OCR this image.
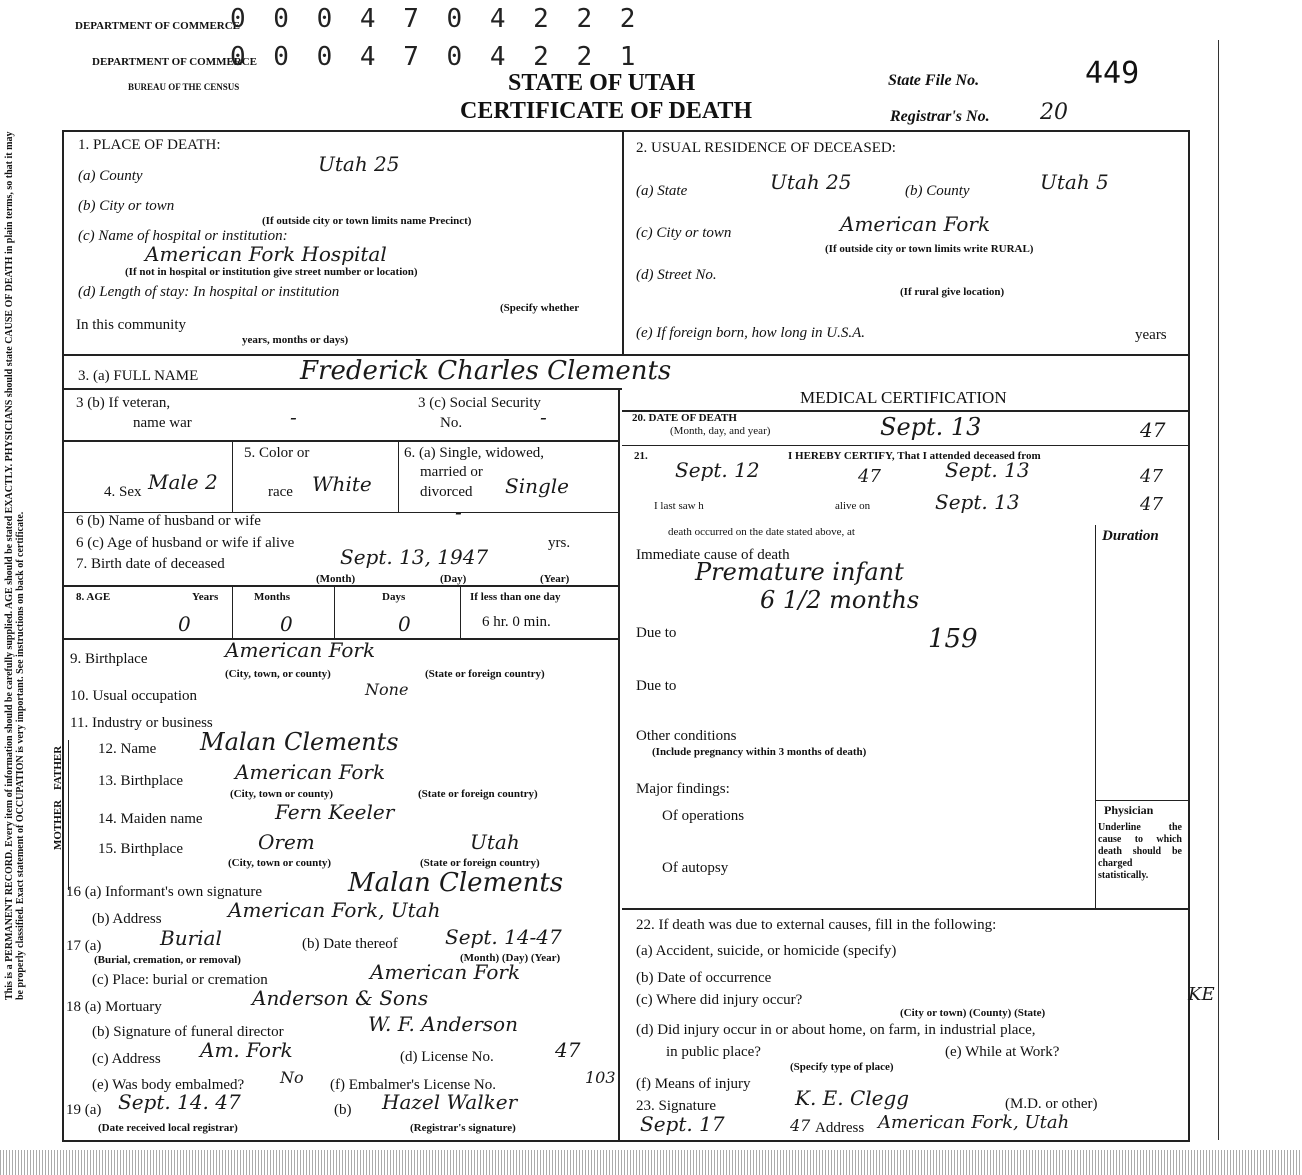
DEPARTMENT OF COMMERCE
0 0 0 4 7 0 4 2 2 2
DEPARTMENT OF COMMERCE
0 0 0 4 7 0 4 2 2 1
BUREAU OF THE CENSUS	STATE OF UTAH
CERTIFICATE OF DEATH
State File No.	449
Registrar's No. 20
This is a PERMANENT RECORD. Every item of information should be carefully supplied. AGE should be stated EXACTLY. PHYSICIANS should state CAUSE OF DEATH in plain terms, so that it may be properly classified. Exact statement of OCCUPATION is very important. See instructions on back of certificate. MOTHER
FATHER
1. PLACE OF DEATH:
(a) County	Utah 25
(b) City or town
(If outside city or town limits name Precinct)
(c) Name of hospital or institution:
American Fork Hospital
(If not in hospital or institution give street number or location)
(d) Length of stay: In hospital or institution
(Specify whether
In this community
years, months or days)
2. USUAL RESIDENCE OF DECEASED:
(a) State	Utah 25	(b) County	Utah 5
(c) City or town	American Fork
(If outside city or town limits write RURAL)
(d) Street No.
(If rural give location)
(e) If foreign born, how long in U.S.A.	years
3. (a) FULL NAME	Frederick Charles Clements
3 (b) If veteran,
name war	-
3 (c) Social Security
No.	-
4. Sex Male 2
5. Color or
race White
6. (a) Single, widowed,
married or
divorced Single
6 (b) Name of husband or wife	-
6 (c) Age of husband or wife if alive	yrs.
7. Birth date of deceased	Sept. 13, 1947
(Month)	(Day)	(Year)
8. AGE	Years	Months	Days	If less than one day
0	0	0	6 hr. 0 min.
9. Birthplace	American Fork
(City, town, or county)	(State or foreign country)
10. Usual occupation	None
11. Industry or business
12. Name Malan Clements
13. Birthplace	American Fork
(City, town or county)	(State or foreign country)
14. Maiden name	Fern Keeler
15. Birthplace	Orem	Utah
(City, town or county)	(State or foreign country)
16 (a) Informant's own signature	Malan Clements
(b) Address	American Fork, Utah
17 (a)	Burial
(Burial, cremation, or removal)
(b) Date thereof Sept. 14-47
(Month) (Day) (Year)
(c) Place: burial or cremation	American Fork
18 (a) Mortuary	Anderson & Sons
(b) Signature of funeral director	W. F. Anderson
(c) Address Am. Fork	(d) License No.	47
(e) Was body embalmed? No (f) Embalmer's License No.	103
19 (a) Sept. 14. 47
(Date received local registrar)
(b) Hazel Walker
(Registrar's signature)
MEDICAL CERTIFICATION
20. DATE OF DEATH
(Month, day, and year)	Sept. 13	47
21.	I HEREBY CERTIFY, That I attended deceased from
Sept. 12	47	Sept. 13	47
I last saw h	alive on	Sept. 13	47
death occurred on the date stated above, at	Duration
Immediate cause of death
Premature infant
6 1/2 months
Due to	159
Due to
Other conditions
(Include pregnancy within 3 months of death)
Major findings:
Of operations
Of autopsy
Physician
Underline the cause to which death should be charged statistically.
22. If death was due to external causes, fill in the following:
(a) Accident, suicide, or homicide (specify)
(b) Date of occurrence
(c) Where did injury occur?
(City or town) (County) (State)
KE
(d) Did injury occur in or about home, on farm, in industrial place,
in public place?
(Specify type of place)
(e) While at Work?
(f) Means of injury
23. Signature	K. E. Clegg	(M.D. or other)
Sept. 17	47 Address American Fork, Utah
